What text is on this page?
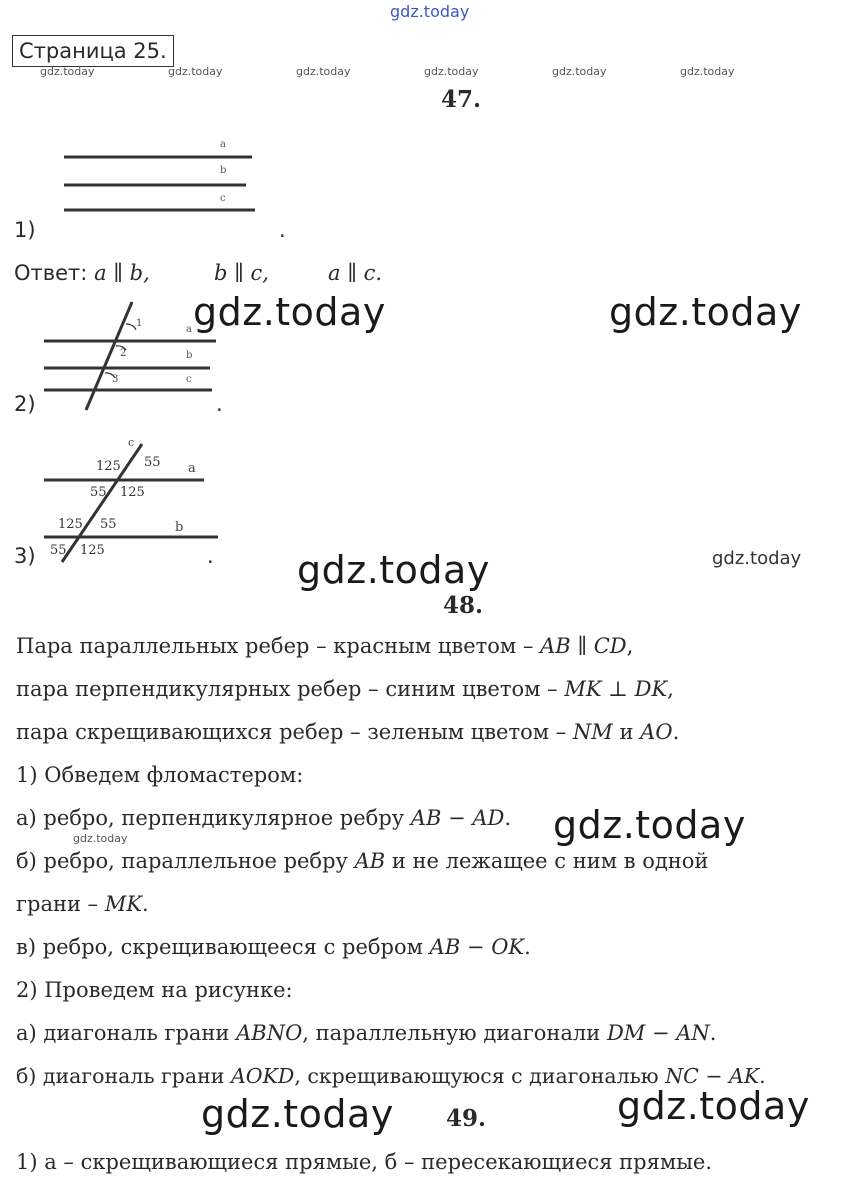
gdz.today
gdz.today	gdz.today	gdz.today	gdz.today	gdz.today	gdz.today
Страница 25.
47.
a
b
c
1)	.
Ответ: a ∥ b,	b ∥ c,	a ∥ c.
1
2
3
a
b
c
2)	.
gdz.today	gdz.today
c
a
b
125 55
55 125
125 55
55 125
3)	. gdz.today	gdz.today
48.
Пара параллельных ребер – красным цветом – AB ∥ CD,
пара перпендикулярных ребер – синим цветом – MK ⊥ DK,
пара скрещивающихся ребер – зеленым цветом – NM и AO.
1) Обведем фломастером:
а) ребро, перпендикулярное ребру AB − AD. gdz.today
gdz.today
б) ребро, параллельное ребру AB и не лежащее с ним в одной
грани – MK.
в) ребро, скрещивающееся с ребром AB − OK.
2) Проведем на рисунке:
а) диагональ грани ABNO, параллельную диагонали DM − AN.
б) диагональ грани AOKD, скрещивающуюся с диагональю NC − AK.
gdz.today 49.	gdz.today
1) а – скрещивающиеся прямые, б – пересекающиеся прямые.
